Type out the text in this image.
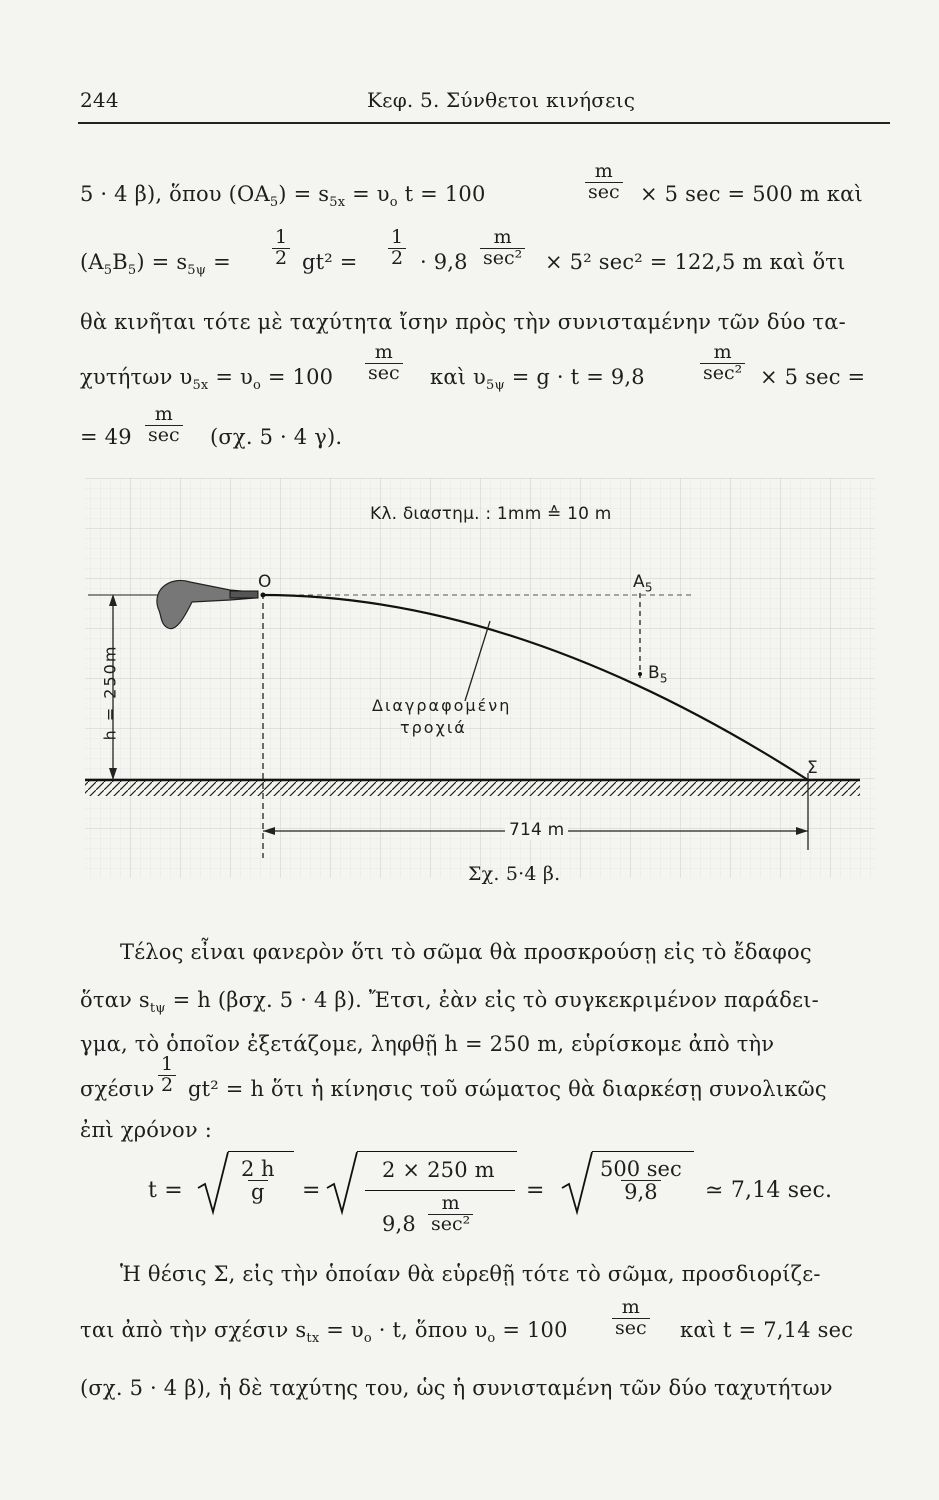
244	Κεφ. 5. Σύνθετοι κινήσεις
5 · 4 β), ὅπου $(OA_5) = s_{5x} = \upsilon_o$ t = 100
m
sec × 5 sec = 500 m καὶ
$(A_5B_5) = s_{5\psi} = \frac{1}{2} gt^2 = \frac{1}{2} \cdot 9,8$
m
sec² × 5² sec² = 122,5 m καὶ ὅτι
θὰ κινῆται τότε μὲ ταχύτητα ἴσην πρὸς τὴν συνισταμένην τῶν δύο τα-
χυτήτων $\upsilon_{5x} = \upsilon_o = 100$
m
sec καὶ $\upsilon_{5\psi} = g \cdot t = 9,8$
m
sec² × 5 sec =
= 49
m
sec (σχ. 5 · 4 γ).
Κλ. διαστημ. : 1mm ≙ 10 m
O	$A_5$
$B_5$
Σ
Διαγραφομένη
τροχιά
h = 250m
714 m
Σχ. 5·4 β.
Τέλος εἶναι φανερὸν ὅτι τὸ σῶμα θὰ προσκρούσῃ εἰς τὸ ἔδαφος
ὅταν $s_{t\psi} = h$ (βσχ. 5 · 4 β). Ἔτσι, ἐὰν εἰς τὸ συγκεκριμένον παράδει-
γμα, τὸ ὁποῖον ἐξετάζομε, ληφθῇ h = 250 m, εὑρίσκομε ἀπὸ τὴν
σχέσιν $\frac{1}{2} gt^2 = h$ ὅτι ἡ κίνησις τοῦ σώματος θὰ διαρκέσῃ συνολικῶς
ἐπὶ χρόνον :
t =	$\frac{2 h}{g}$ =
2 × 250 m
9,8
m
sec²
=
500 sec
9,8 ≃ 7,14 sec.
Ἡ θέσις Σ, εἰς τὴν ὁποίαν θὰ εὑρεθῇ τότε τὸ σῶμα, προσδιορίζε-
ται ἀπὸ τὴν σχέσιν $s_{tx} = \upsilon_o \cdot t$, ὅπου $\upsilon_o = 100$
m
sec καὶ t = 7,14 sec
(σχ. 5 · 4 β), ἡ δὲ ταχύτης του, ὡς ἡ συνισταμένη τῶν δύο ταχυτήτων
